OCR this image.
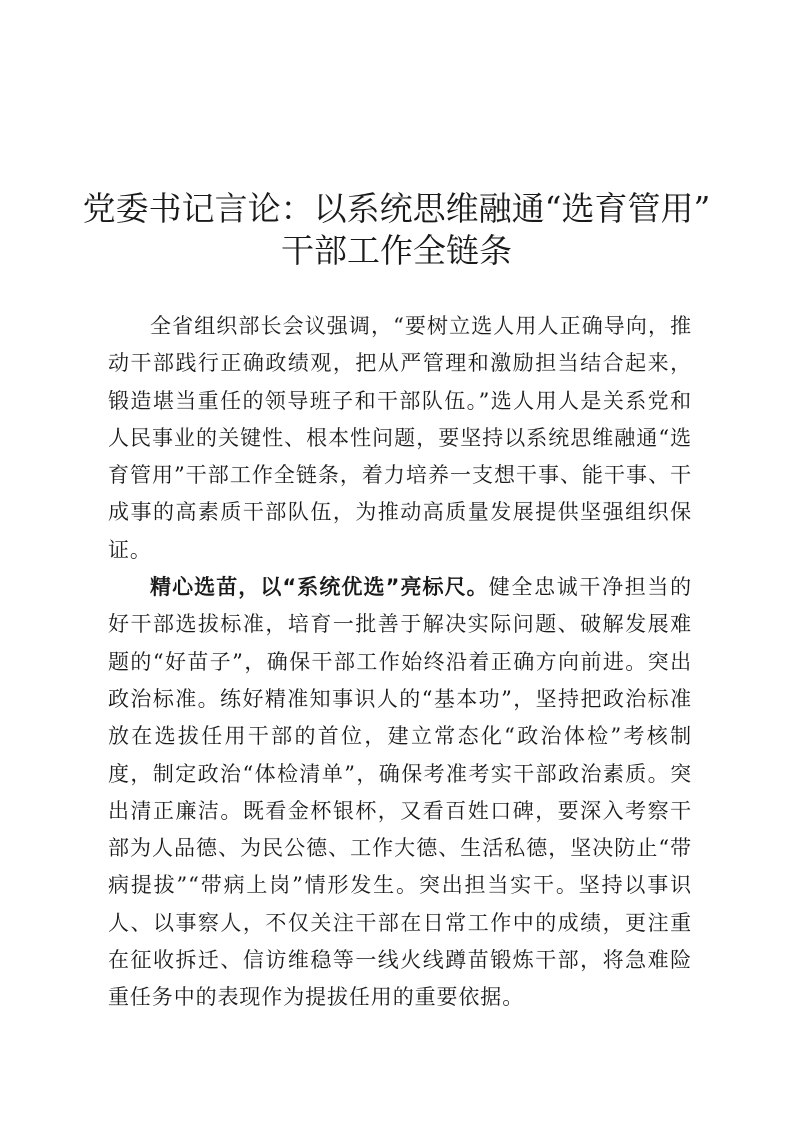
党委书记言论：以系统思维融通“选育管用”
干部工作全链条

全省组织部长会议强调，“要树立选人用人正确导向，推动干部践行正确政绩观，把从严管理和激励担当结合起来，锻造堪当重任的领导班子和干部队伍。”选人用人是关系党和人民事业的关键性、根本性问题，要坚持以系统思维融通“选育管用”干部工作全链条，着力培养一支想干事、能干事、干成事的高素质干部队伍，为推动高质量发展提供坚强组织保证。

精心选苗，以“系统优选”亮标尺。健全忠诚干净担当的好干部选拔标准，培育一批善于解决实际问题、破解发展难题的“好苗子”，确保干部工作始终沿着正确方向前进。突出政治标准。练好精准知事识人的“基本功”，坚持把政治标准放在选拔任用干部的首位，建立常态化“政治体检”考核制度，制定政治“体检清单”，确保考准考实干部政治素质。突出清正廉洁。既看金杯银杯，又看百姓口碑，要深入考察干部为人品德、为民公德、工作大德、生活私德，坚决防止“带病提拔”“带病上岗”情形发生。突出担当实干。坚持以事识人、以事察人，不仅关注干部在日常工作中的成绩，更注重在征收拆迁、信访维稳等一线火线蹲苗锻炼干部，将急难险重任务中的表现作为提拔任用的重要依据。
